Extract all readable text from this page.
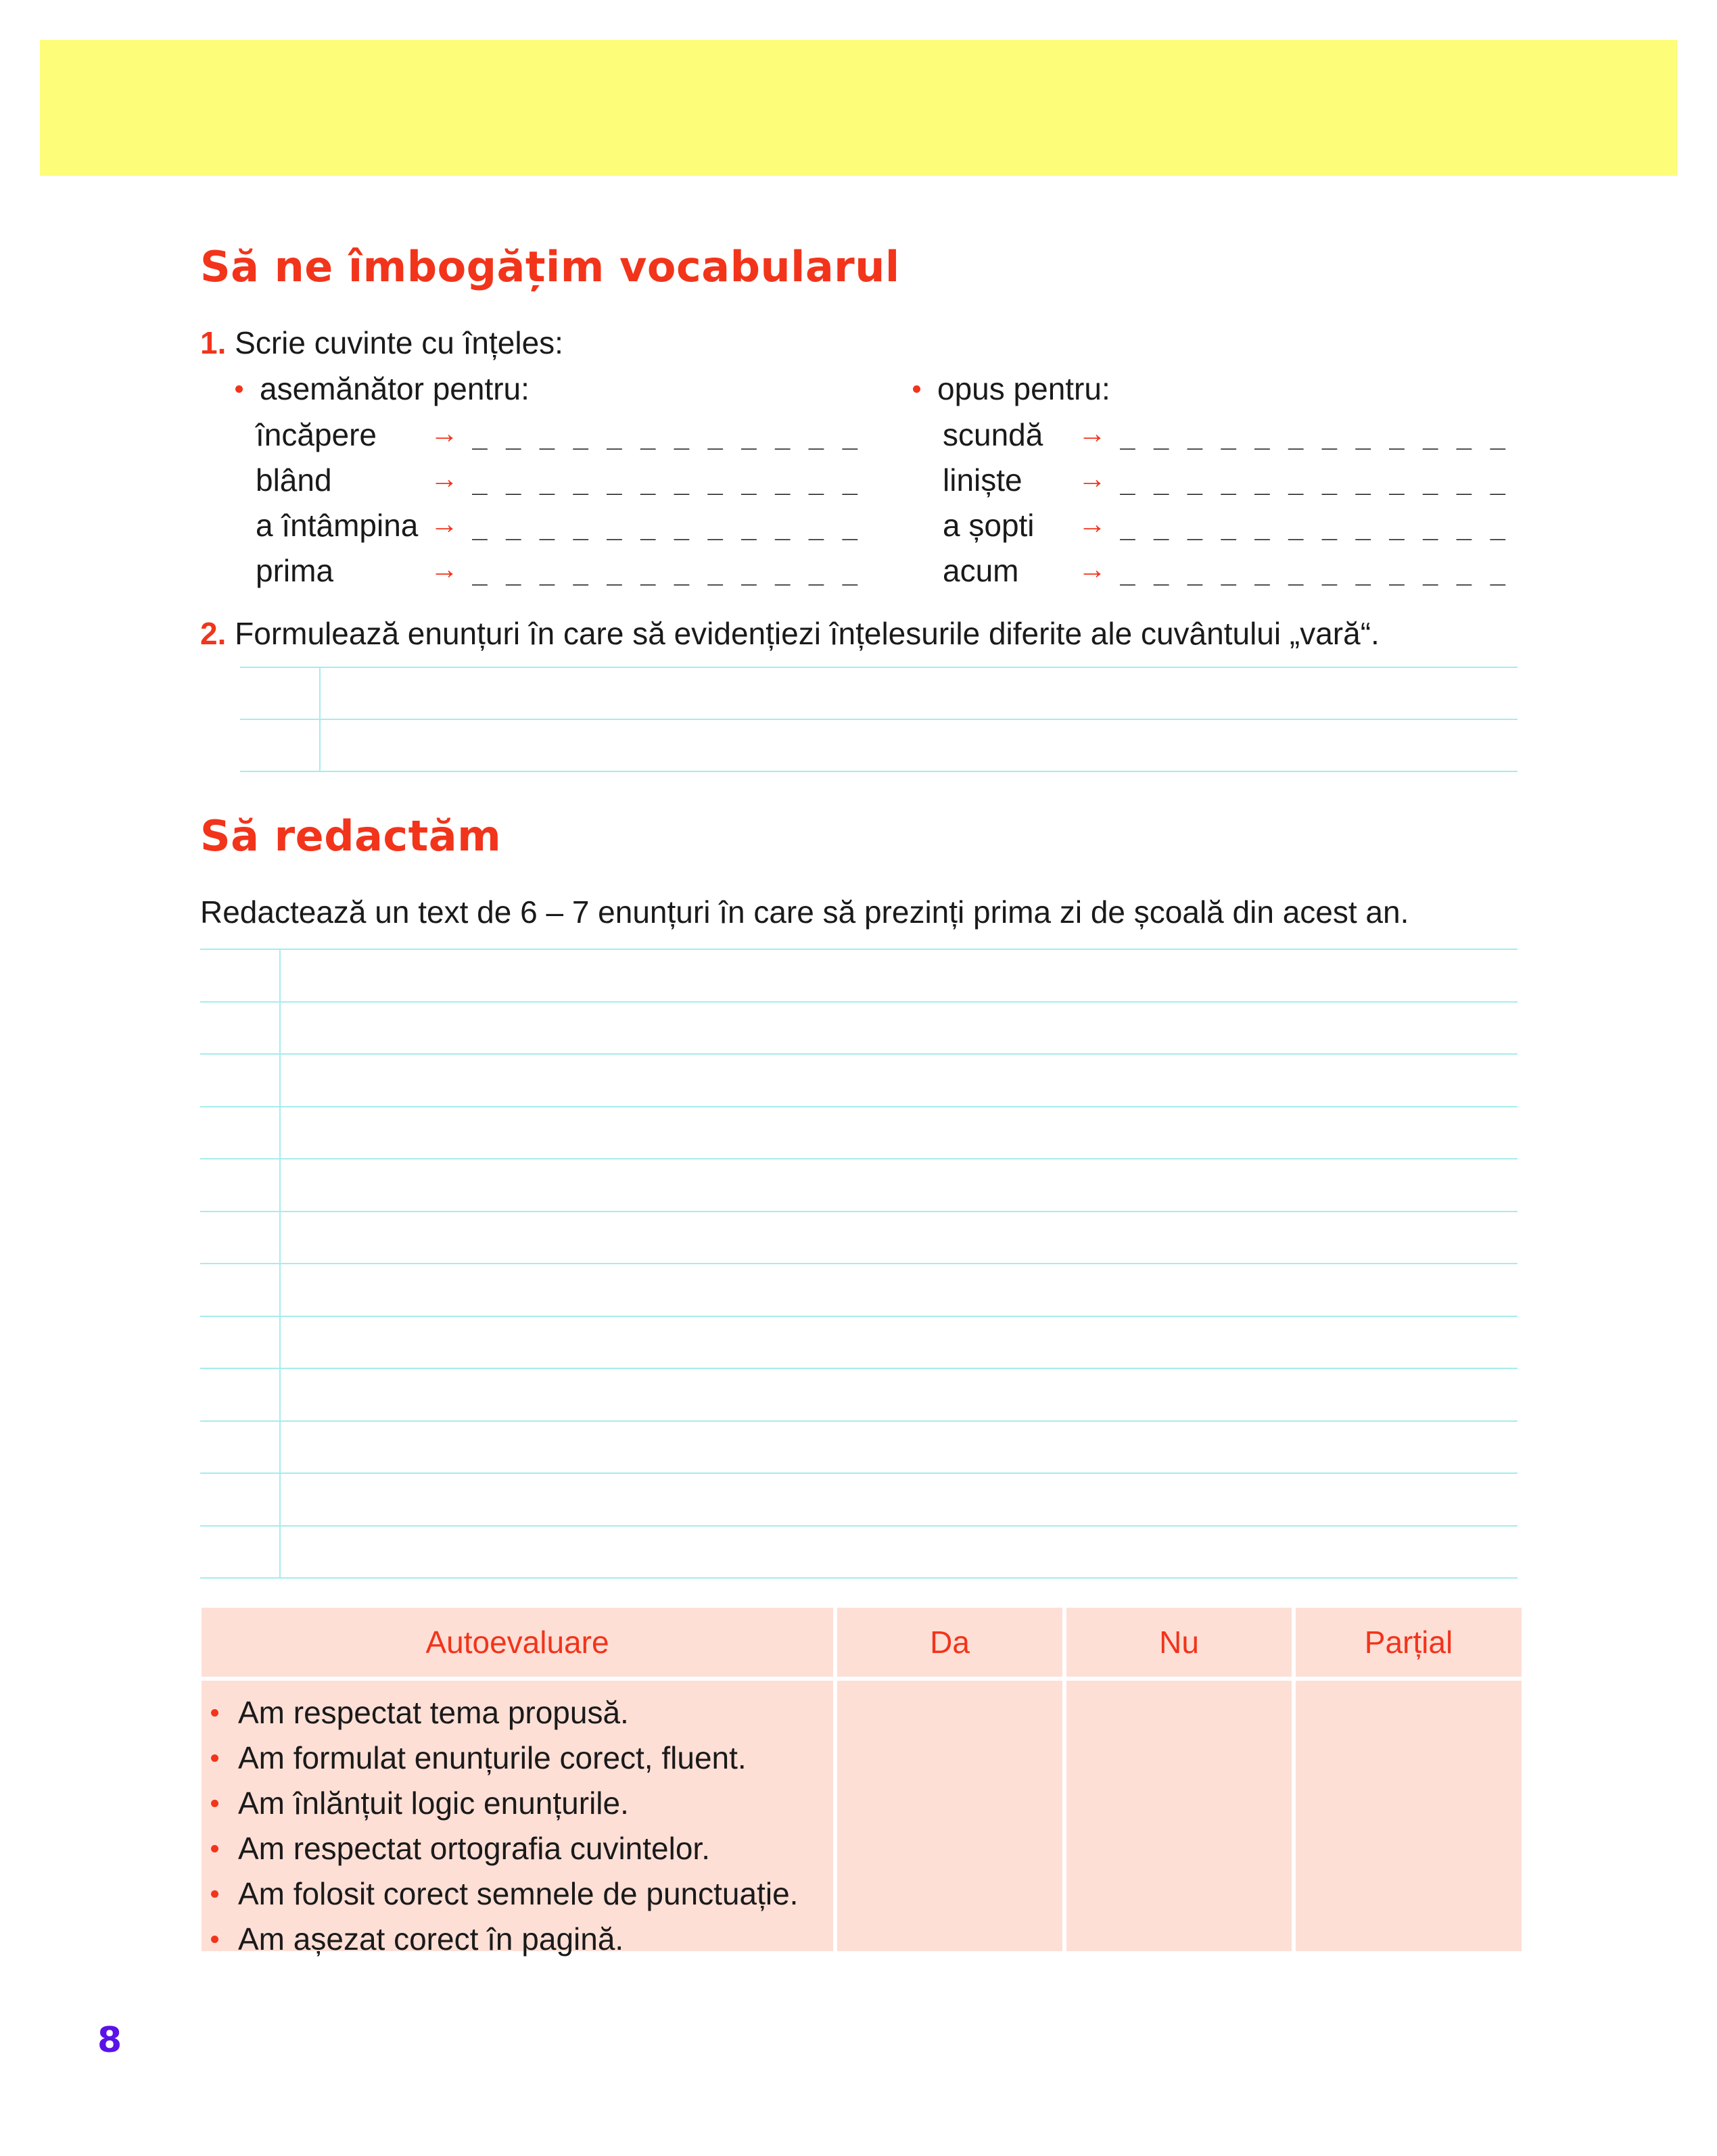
Să ne îmbogățim vocabularul
1. Scrie cuvinte cu înțeles:
asemănător pentru:	opus pentru:
încăpere → _ _ _ _ _ _ _ _ _ _ _ _
blând	→ _ _ _ _ _ _ _ _ _ _ _ _
a întâmpina → _ _ _ _ _ _ _ _ _ _ _ _
prima	→ _ _ _ _ _ _ _ _ _ _ _ _
scundă → _ _ _ _ _ _ _ _ _ _ _ _
liniște → _ _ _ _ _ _ _ _ _ _ _ _
a șopti → _ _ _ _ _ _ _ _ _ _ _ _
acum → _ _ _ _ _ _ _ _ _ _ _ _
2. Formulează enunțuri în care să evidențiezi înțelesurile diferite ale cuvântului „vară“.
Să redactăm
Redactează un text de 6 – 7 enunțuri în care să prezinți prima zi de școală din acest an.
Autoevaluare	Da	Nu	Parțial
Am respectat tema propusă.
Am formulat enunțurile corect, fluent.
Am înlănțuit logic enunțurile.
Am respectat ortografia cuvintelor.
Am folosit corect semnele de punctuație.
Am așezat corect în pagină.
8
